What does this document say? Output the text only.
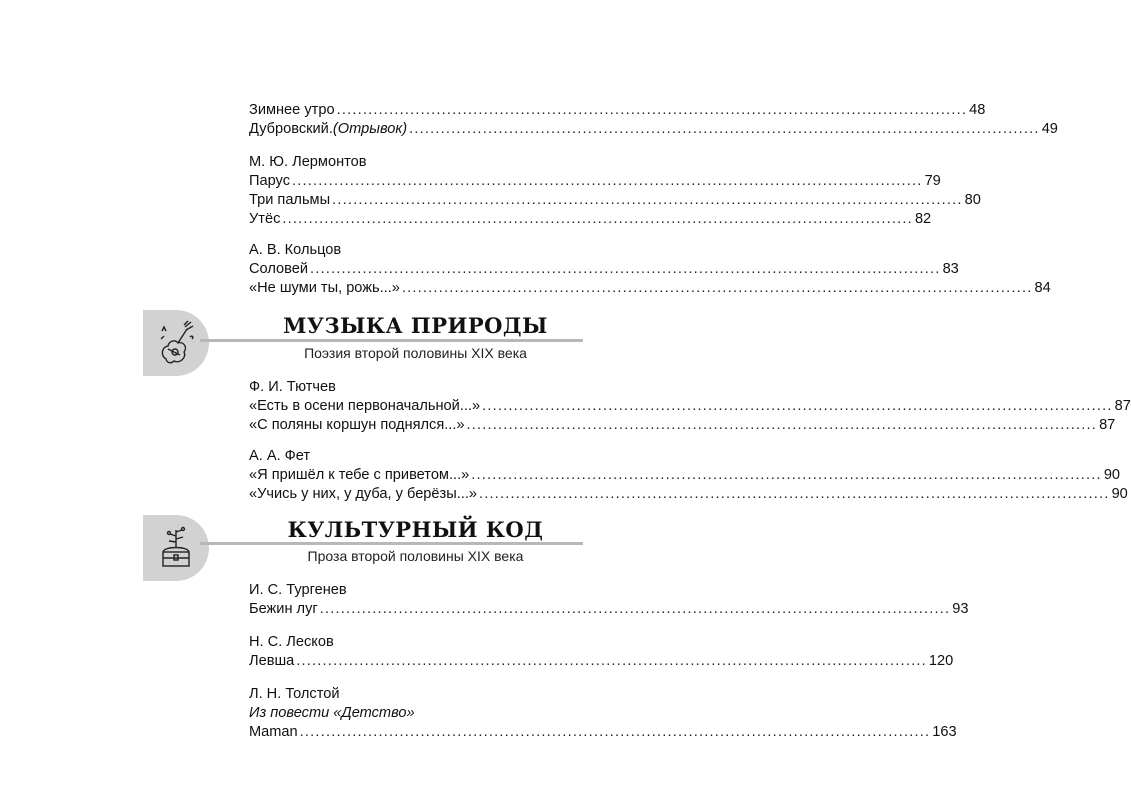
Зимнее утро ........................................................................................................................ 48
Дубровский. (Отрывок) ........................................................................................................................ 49
М. Ю. Лермонтов
Парус ........................................................................................................................ 79
Три пальмы ........................................................................................................................ 80
Утёс ........................................................................................................................ 82
А. В. Кольцов
Соловей ........................................................................................................................ 83
«Не шуми ты, рожь...» ........................................................................................................................ 84
МУЗЫКА ПРИРОДЫ
Поэзия второй половины XIX века
Ф. И. Тютчев
«Есть в осени первоначальной...» ........................................................................................................................ 87
«С поляны коршун поднялся...» ........................................................................................................................ 87
А. А. Фет
«Я пришёл к тебе с приветом...» ........................................................................................................................ 90
«Учись у них, у дуба, у берёзы...» ........................................................................................................................ 90
КУЛЬТУРНЫЙ КОД
Проза второй половины XIX века
И. С. Тургенев
Бежин луг ........................................................................................................................ 93
Н. С. Лесков
Левша ........................................................................................................................ 120
Л. Н. Толстой
Из повести «Детство»
Maman ........................................................................................................................ 163
